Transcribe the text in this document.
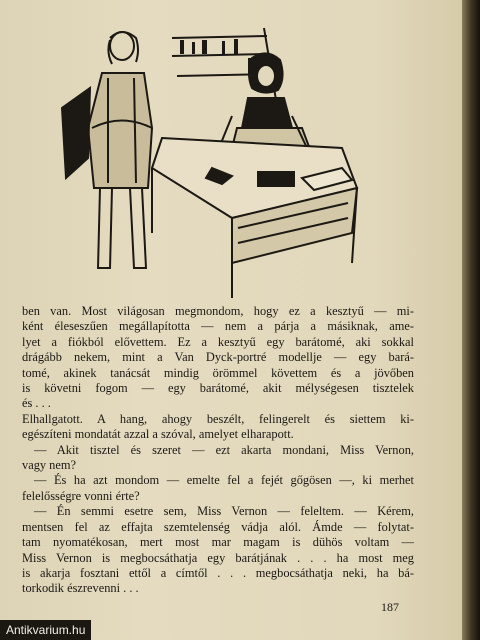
ben van. Most világosan megmondom, hogy ez a kesztyű — mi-

ként éleseszűen megállapította — nem a párja a másiknak, ame-

lyet a fiókból elővettem. Ez a kesztyű egy barátomé, aki sokkal

drágább nekem, mint a Van Dyck-portré modellje — egy bará-

tomé, akinek tanácsát mindig örömmel követtem és a jövőben

is követni fogom — egy barátomé, akit mélységesen tisztelek

és . . .

Elhallgatott. A hang, ahogy beszélt, felingerelt és siettem ki-

egészíteni mondatát azzal a szóval, amelyet elharapott.

— Akit tisztel és szeret — ezt akarta mondani, Miss Vernon,

vagy nem?

— És ha azt mondom — emelte fel a fejét gőgösen —, ki merhet

felelősségre vonni érte?

— Én semmi esetre sem, Miss Vernon — feleltem. — Kérem,

mentsen fel az effajta szemtelenség vádja alól. Ámde — folytat-

tam nyomatékosan, mert most mar magam is dühös voltam —

Miss Vernon is megbocsáthatja egy barátjának . . . ha most meg

is akarja fosztani ettől a címtől . . . megbocsáthatja neki, ha bá-

torkodik észrevenni . . .

187
Antikvarium.hu
